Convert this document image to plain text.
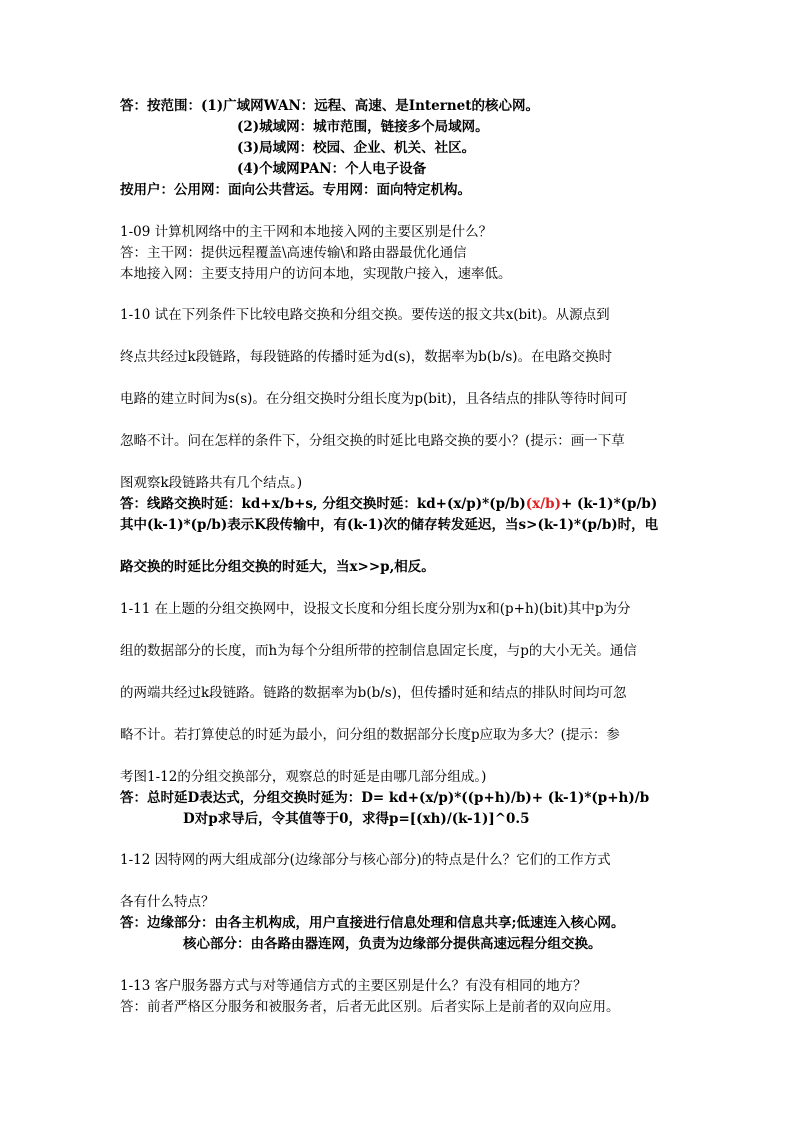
答：按范围：(1)广域网WAN：远程、高速、是Internet的核心网。
(2)城域网：城市范围，链接多个局域网。
(3)局域网：校园、企业、机关、社区。
(4)个域网PAN：个人电子设备
按用户：公用网：面向公共营运。专用网：面向特定机构。
1-09 计算机网络中的主干网和本地接入网的主要区别是什么？
答：主干网：提供远程覆盖\高速传输\和路由器最优化通信
本地接入网：主要支持用户的访问本地，实现散户接入，速率低。
1-10 试在下列条件下比较电路交换和分组交换。要传送的报文共x(bit)。从源点到
终点共经过k段链路，每段链路的传播时延为d(s)，数据率为b(b/s)。在电路交换时
电路的建立时间为s(s)。在分组交换时分组长度为p(bit)，且各结点的排队等待时间可
忽略不计。问在怎样的条件下，分组交换的时延比电路交换的要小？(提示：画一下草
图观察k段链路共有几个结点。)
答：线路交换时延：kd+x/b+s, 分组交换时延：kd+(x/p)*(p/b)(x/b)+ (k-1)*(p/b)
其中(k-1)*(p/b)表示K段传输中，有(k-1)次的储存转发延迟，当s>(k-1)*(p/b)时，电
路交换的时延比分组交换的时延大，当x>>p,相反。
1-11 在上题的分组交换网中，设报文长度和分组长度分别为x和(p+h)(bit)其中p为分
组的数据部分的长度，而h为每个分组所带的控制信息固定长度，与p的大小无关。通信
的两端共经过k段链路。链路的数据率为b(b/s)，但传播时延和结点的排队时间均可忽
略不计。若打算使总的时延为最小，问分组的数据部分长度p应取为多大？(提示：参
考图1-12的分组交换部分，观察总的时延是由哪几部分组成。)
答：总时延D表达式，分组交换时延为：D= kd+(x/p)*((p+h)/b)+ (k-1)*(p+h)/b
D对p求导后，令其值等于0，求得p=[(xh)/(k-1)]^0.5
1-12 因特网的两大组成部分(边缘部分与核心部分)的特点是什么？它们的工作方式
各有什么特点？
答：边缘部分：由各主机构成，用户直接进行信息处理和信息共享;低速连入核心网。
核心部分：由各路由器连网，负责为边缘部分提供高速远程分组交换。
1-13 客户服务器方式与对等通信方式的主要区别是什么？有没有相同的地方？
答：前者严格区分服务和被服务者，后者无此区别。后者实际上是前者的双向应用。
